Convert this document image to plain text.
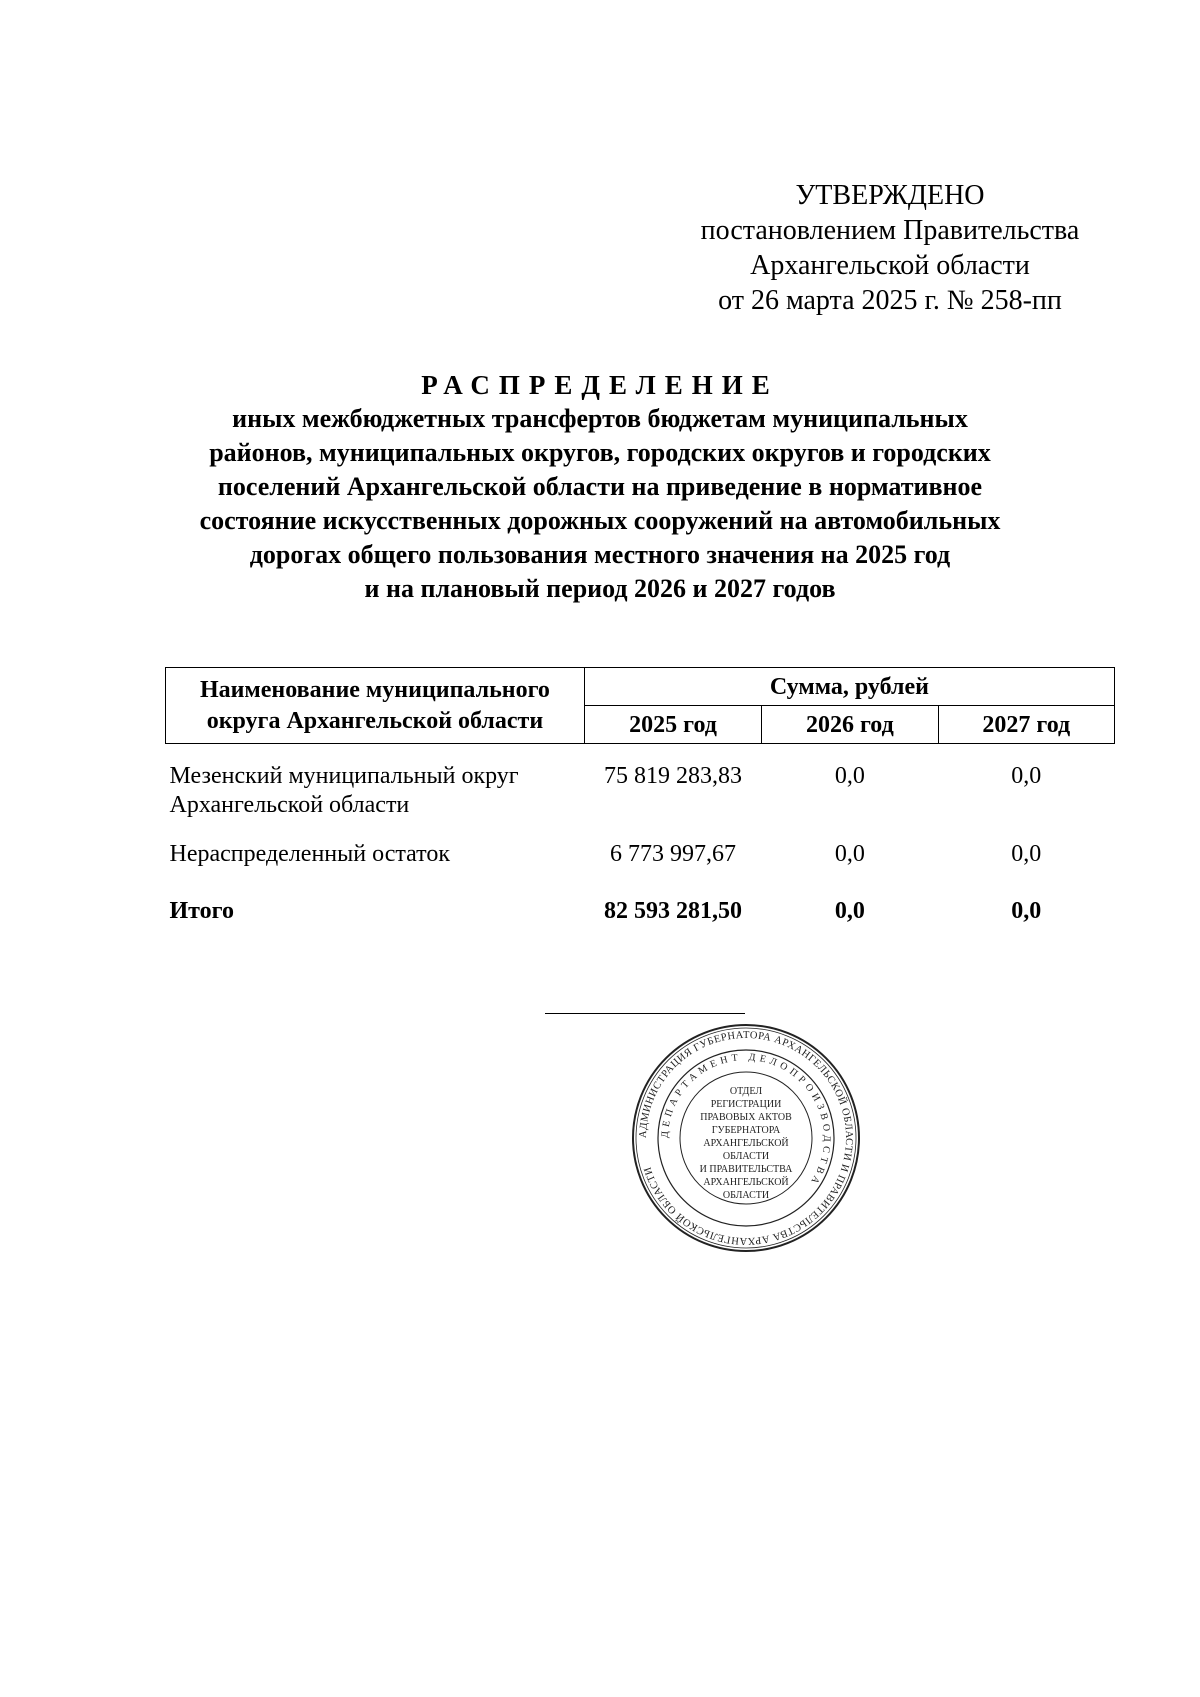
УТВЕРЖДЕНО
постановлением Правительства
Архангельской области
от 26 марта 2025 г. № 258-пп
РАСПРЕДЕЛЕНИЕ
иных межбюджетных трансфертов бюджетам муниципальных
районов, муниципальных округов, городских округов и городских
поселений Архангельской области на приведение в нормативное
состояние искусственных дорожных сооружений на автомобильных
дорогах общего пользования местного значения на 2025 год
и на плановый период 2026 и 2027 годов
Наименование муниципального
округа Архангельской области	Сумма, рублей		
	2025 год	2026 год	2027 год

Мезенский муниципальный округ
Архангельской области	75 819 283,83	0,0	0,0
Нераспределенный остаток	6 773 997,67	0,0	0,0
Итого	82 593 281,50	0,0	0,0
АДМИНИСТРАЦИЯ ГУБЕРНАТОРА АРХАНГЕЛЬСКОЙ ОБЛАСТИ И ПРАВИТЕЛЬСТВА АРХАНГЕЛЬСКОЙ ОБЛАСТИ
ДЕПАРТАМЕНТ ДЕЛОПРОИЗВОДСТВА
ОТДЕЛ
РЕГИСТРАЦИИ
ПРАВОВЫХ АКТОВ
ГУБЕРНАТОРА
АРХАНГЕЛЬСКОЙ
ОБЛАСТИ
И ПРАВИТЕЛЬСТВА
АРХАНГЕЛЬСКОЙ
ОБЛАСТИ
